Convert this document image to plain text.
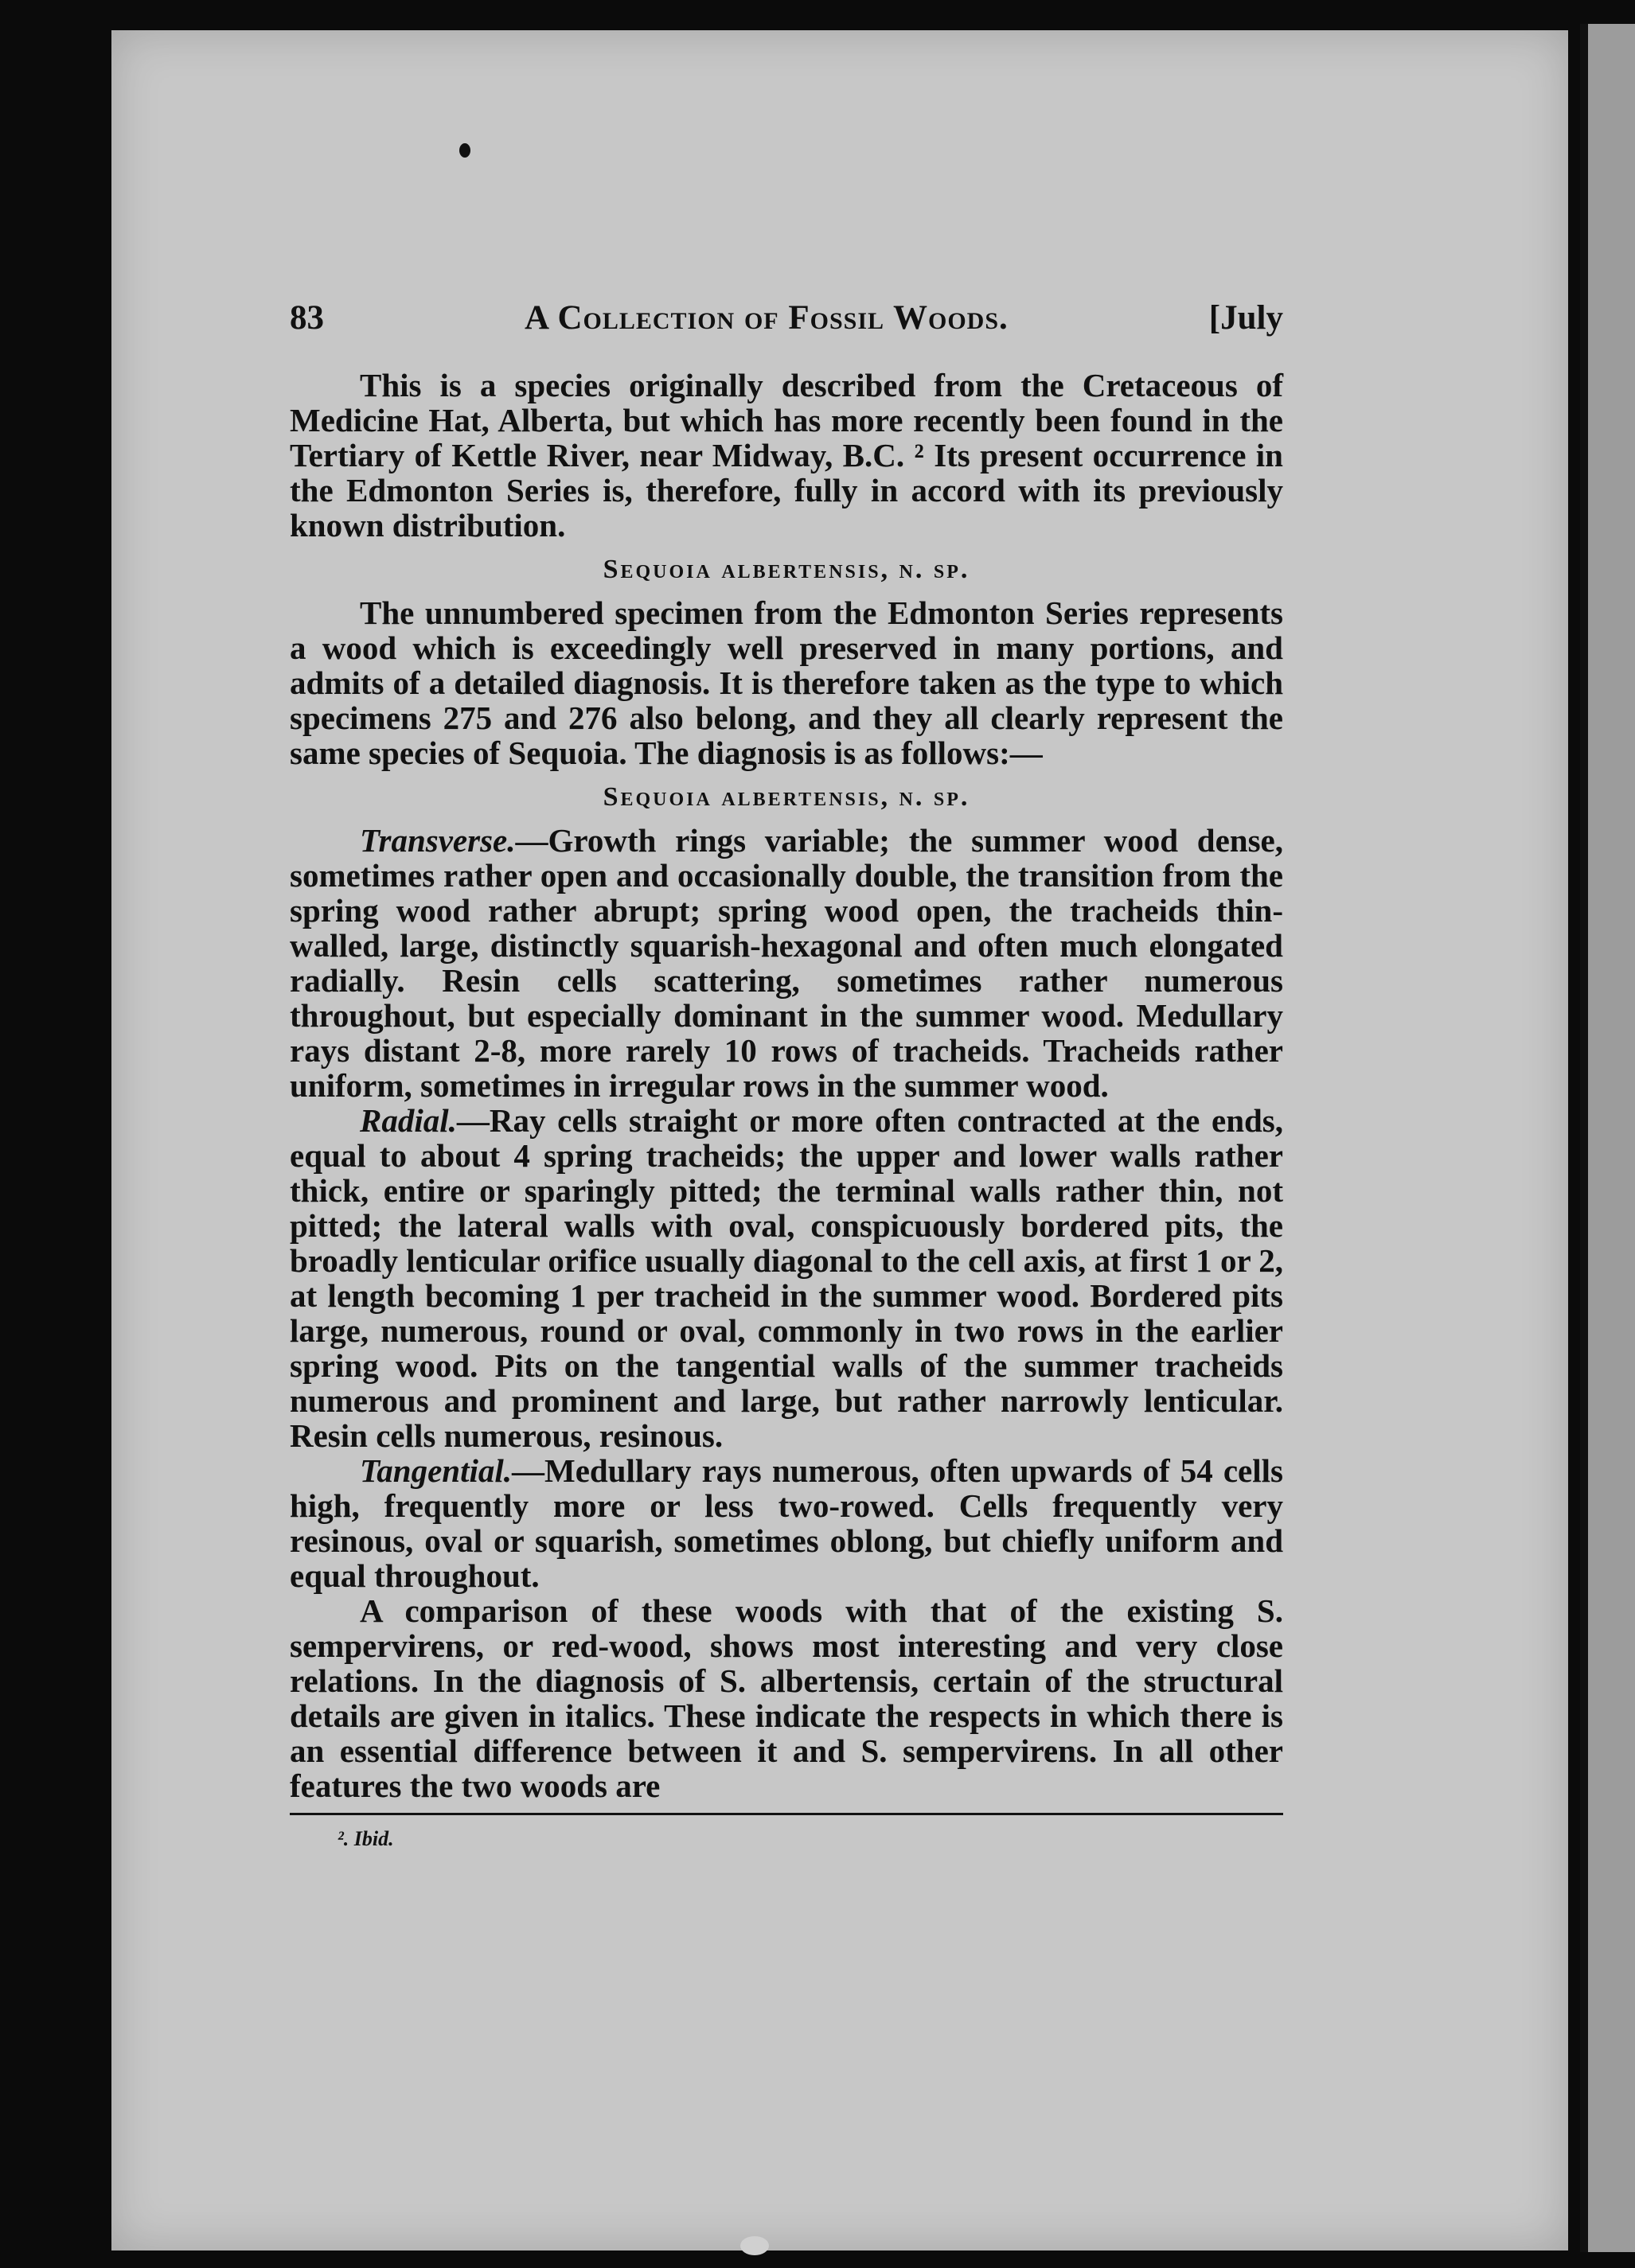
83	A Collection of Fossil Woods.	[July

This is a species originally described from the Cretaceous of Medicine Hat, Alberta, but which has more recently been found in the Tertiary of Kettle River, near Midway, B.C. ² Its present occurrence in the Edmonton Series is, therefore, fully in accord with its previously known distribution.

Sequoia albertensis, n. sp.

The unnumbered specimen from the Edmonton Series represents a wood which is exceedingly well preserved in many portions, and admits of a detailed diagnosis. It is therefore taken as the type to which specimens 275 and 276 also belong, and they all clearly represent the same species of Sequoia. The diagnosis is as follows:—

Sequoia albertensis, n. sp.

Transverse.—Growth rings variable; the summer wood dense, sometimes rather open and occasionally double, the transition from the spring wood rather abrupt; spring wood open, the tracheids thin-walled, large, distinctly squarish-hexagonal and often much elongated radially. Resin cells scattering, sometimes rather numerous throughout, but especially dominant in the summer wood. Medullary rays distant 2-8, more rarely 10 rows of tracheids. Tracheids rather uniform, sometimes in irregular rows in the summer wood.

Radial.—Ray cells straight or more often contracted at the ends, equal to about 4 spring tracheids; the upper and lower walls rather thick, entire or sparingly pitted; the terminal walls rather thin, not pitted; the lateral walls with oval, conspicuously bordered pits, the broadly lenticular orifice usually diagonal to the cell axis, at first 1 or 2, at length becoming 1 per tracheid in the summer wood. Bordered pits large, numerous, round or oval, commonly in two rows in the earlier spring wood. Pits on the tangential walls of the summer tracheids numerous and prominent and large, but rather narrowly lenticular. Resin cells numerous, resinous.

Tangential.—Medullary rays numerous, often upwards of 54 cells high, frequently more or less two-rowed. Cells frequently very resinous, oval or squarish, sometimes oblong, but chiefly uniform and equal throughout.

A comparison of these woods with that of the existing S. sempervirens, or red-wood, shows most interesting and very close relations. In the diagnosis of S. albertensis, certain of the structural details are given in italics. These indicate the respects in which there is an essential difference between it and S. sempervirens. In all other features the two woods are

². Ibid.
